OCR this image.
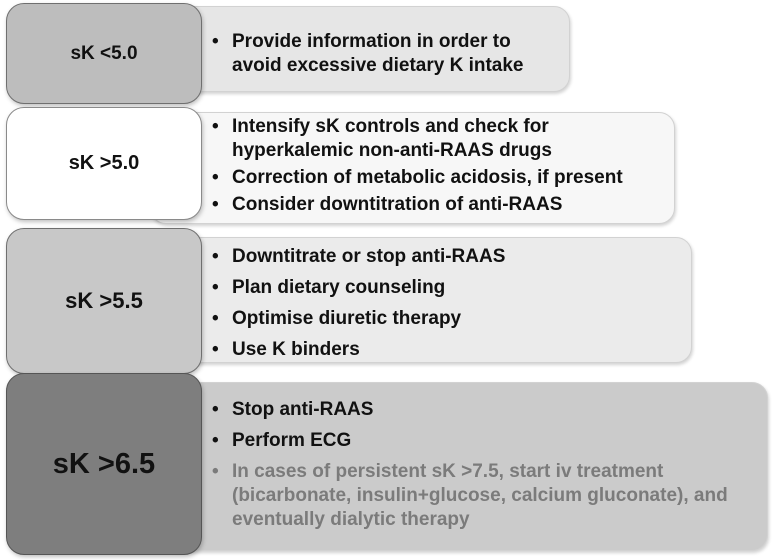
sK <5.0
• Provide information in order to avoid excessive dietary K intake
sK >5.0
• Intensify sK controls and check for hyperkalemic non-anti-RAAS drugs
• Correction of metabolic acidosis, if present
• Consider downtitration of anti-RAAS
sK >5.5
• Downtitrate or stop anti-RAAS
• Plan dietary counseling
• Optimise diuretic therapy
• Use K binders
sK >6.5
• Stop anti-RAAS
• Perform ECG
• In cases of persistent sK >7.5, start iv treatment (bicarbonate, insulin+glucose, calcium gluconate), and eventually dialytic therapy
